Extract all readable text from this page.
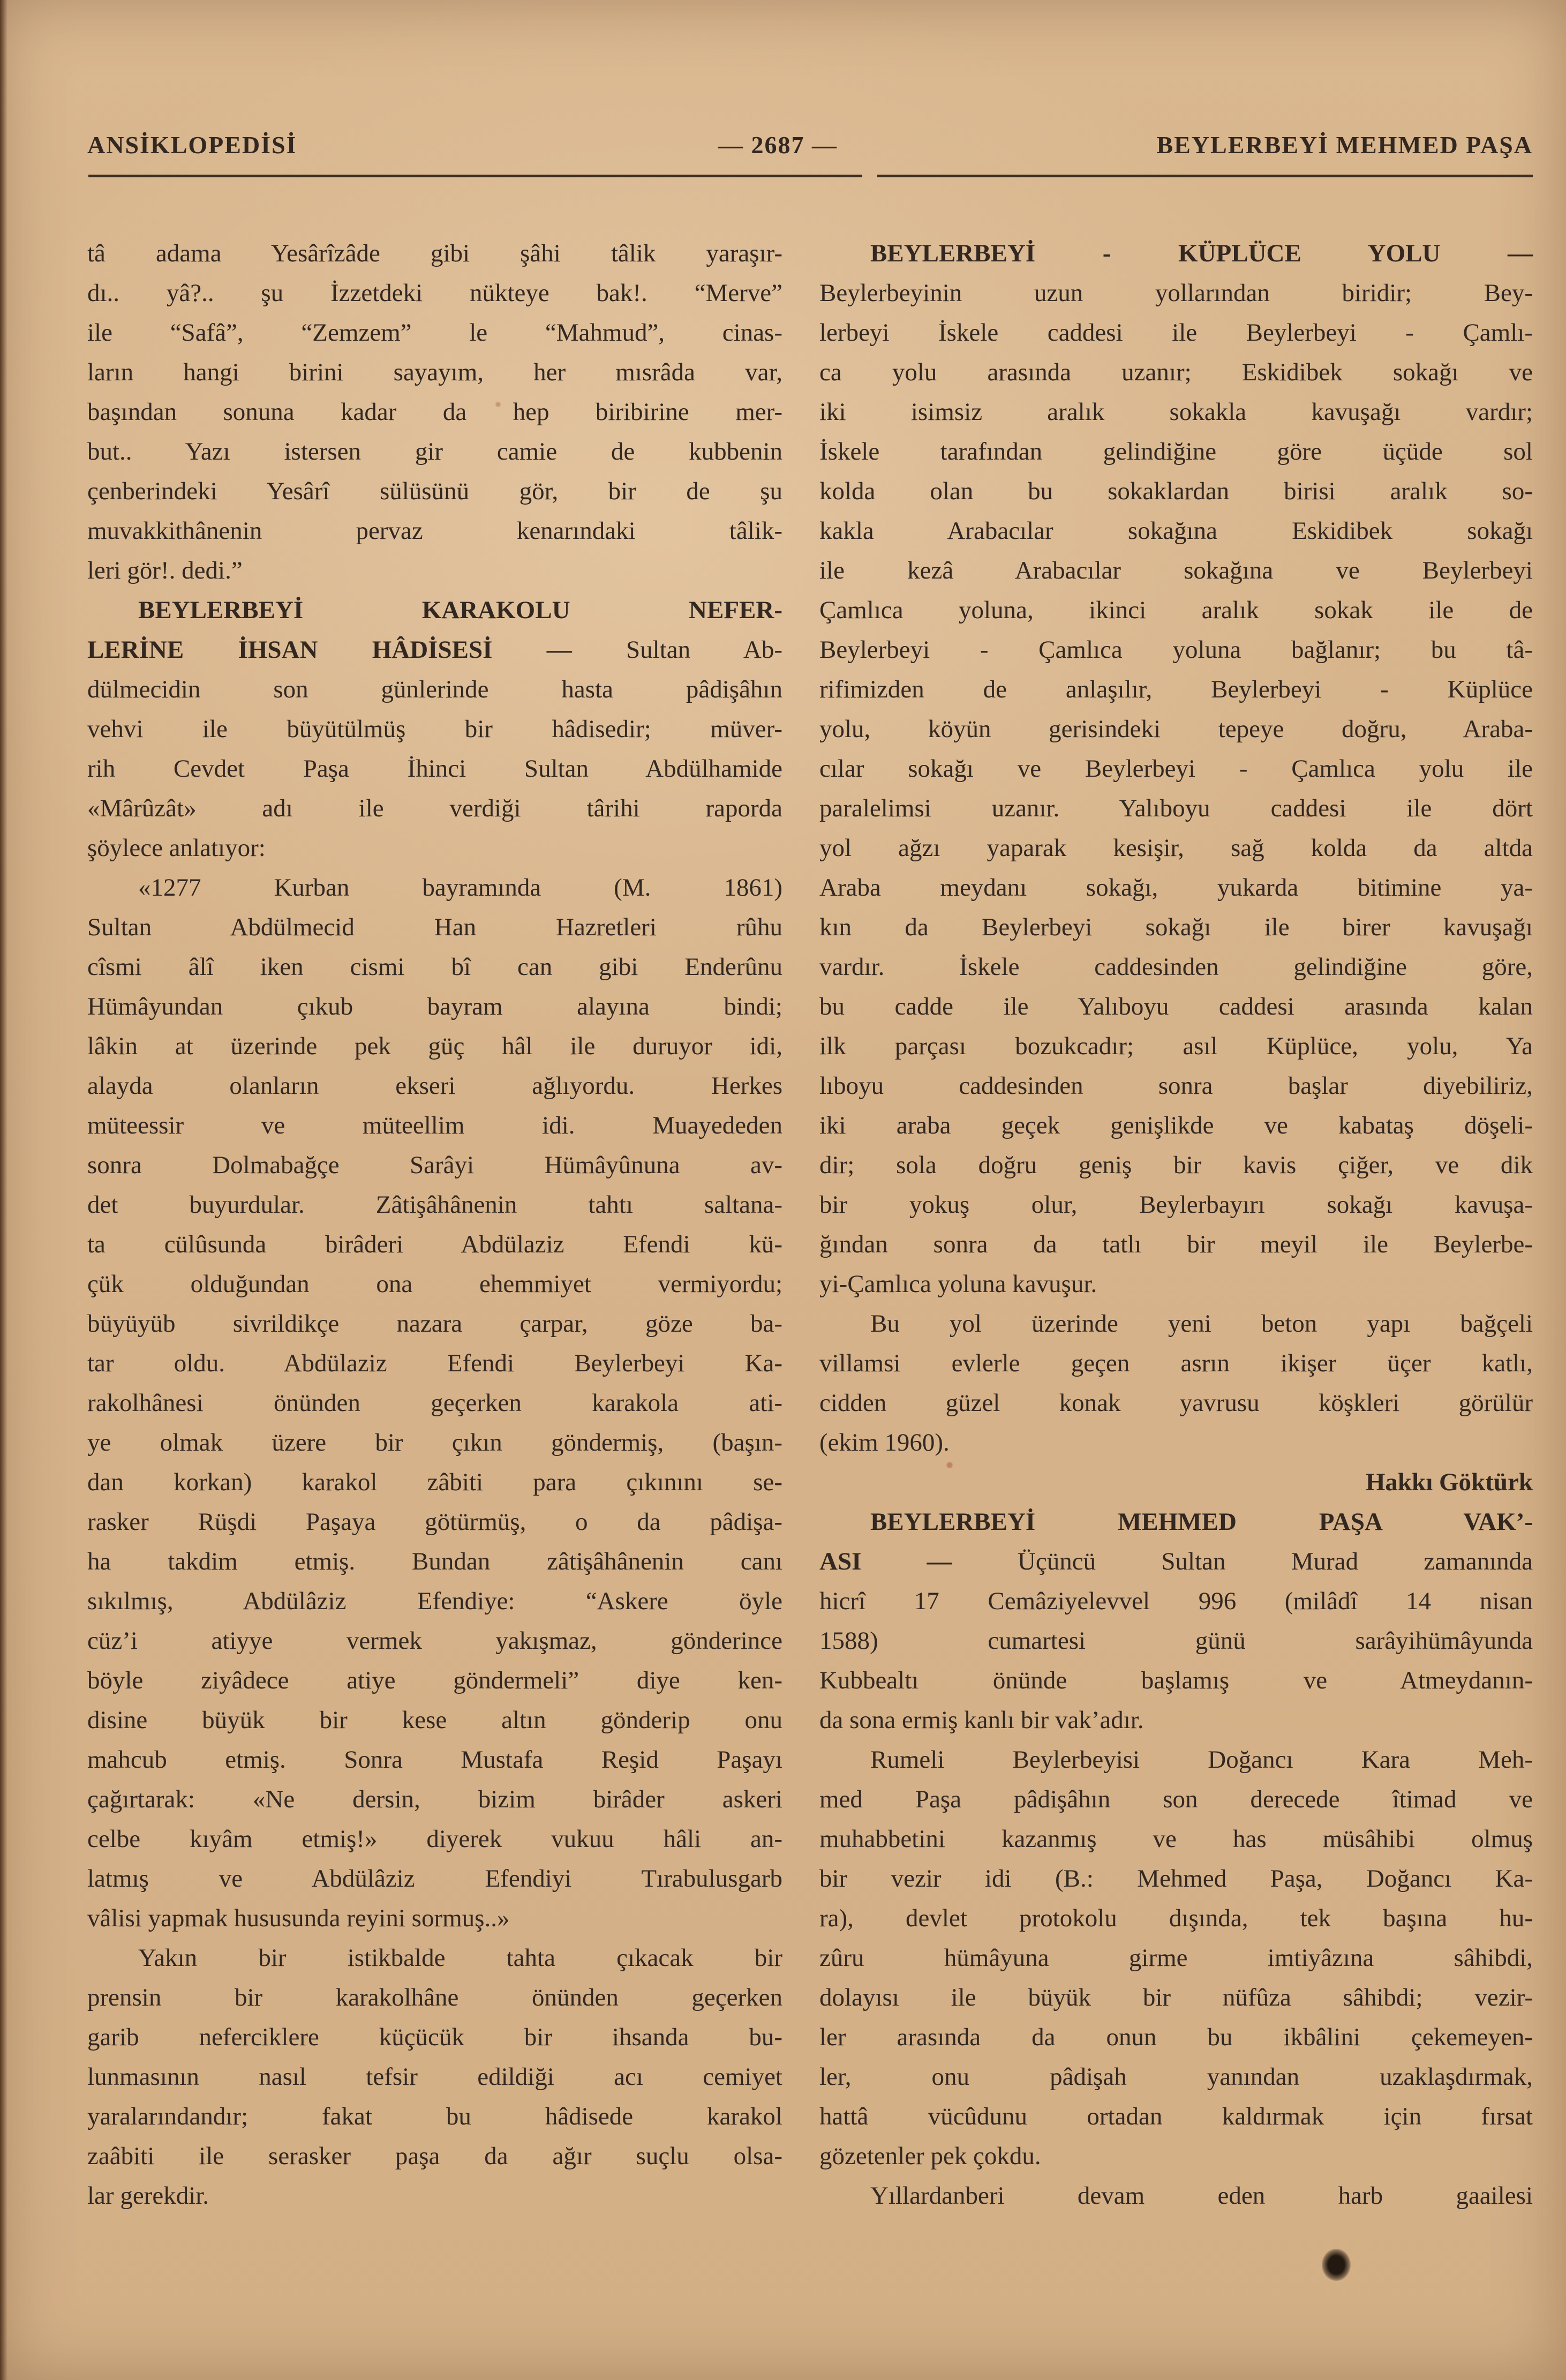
ANSİKLOPEDİSİ	— 2687 —	BEYLERBEYİ MEHMED PAŞA
tâ adama Yesârîzâde gibi şâhi tâlik yaraşır-
dı.. yâ?.. şu İzzetdeki nükteye bak!. “Merve”
ile “Safâ”, “Zemzem” le “Mahmud”, cinas-
ların hangi birini sayayım, her mısrâda var,
başından sonuna kadar da hep biribirine mer-
but.. Yazı istersen gir camie de kubbenin
çenberindeki Yesârî sülüsünü gör, bir de şu
muvakkithânenin pervaz kenarındaki tâlik-
leri gör!. dedi.”
BEYLERBEYİ KARAKOLU NEFER-
LERİNE İHSAN HÂDİSESİ — Sultan Ab-
dülmecidin son günlerinde hasta pâdişâhın
vehvi ile büyütülmüş bir hâdisedir; müver-
rih Cevdet Paşa İhinci Sultan Abdülhamide
«Mârûzât» adı ile verdiği târihi raporda
şöylece anlatıyor:
«1277 Kurban bayramında (M. 1861)
Sultan Abdülmecid Han Hazretleri rûhu
cîsmi âlî iken cismi bî can gibi Enderûnu
Hümâyundan çıkub bayram alayına bindi;
lâkin at üzerinde pek güç hâl ile duruyor idi,
alayda olanların ekseri ağlıyordu. Herkes
müteessir ve müteellim idi. Muayededen
sonra Dolmabağçe Sarâyi Hümâyûnuna av-
det buyurdular. Zâtişâhânenin tahtı saltana-
ta cülûsunda birâderi Abdülaziz Efendi kü-
çük olduğundan ona ehemmiyet vermiyordu;
büyüyüb sivrildikçe nazara çarpar, göze ba-
tar oldu. Abdülaziz Efendi Beylerbeyi Ka-
rakolhânesi önünden geçerken karakola ati-
ye olmak üzere bir çıkın göndermiş, (başın-
dan korkan) karakol zâbiti para çıkınını se-
rasker Rüşdi Paşaya götürmüş, o da pâdişa-
ha takdim etmiş. Bundan zâtişâhânenin canı
sıkılmış, Abdülâziz Efendiye: “Askere öyle
cüz’i atiyye vermek yakışmaz, gönderince
böyle ziyâdece atiye göndermeli” diye ken-
disine büyük bir kese altın gönderip onu
mahcub etmiş. Sonra Mustafa Reşid Paşayı
çağırtarak: «Ne dersin, bizim birâder askeri
celbe kıyâm etmiş!» diyerek vukuu hâli an-
latmış ve Abdülâziz Efendiyi Tırabulusgarb
vâlisi yapmak hususunda reyini sormuş..»
Yakın bir istikbalde tahta çıkacak bir
prensin bir karakolhâne önünden geçerken
garib neferciklere küçücük bir ihsanda bu-
lunmasının nasıl tefsir edildiği acı cemiyet
yaralarındandır; fakat bu hâdisede karakol
zaâbiti ile serasker paşa da ağır suçlu olsa-
lar gerekdir.
BEYLERBEYİ - KÜPLÜCE YOLU —
Beylerbeyinin uzun yollarından biridir; Bey-
lerbeyi İskele caddesi ile Beylerbeyi - Çamlı-
ca yolu arasında uzanır; Eskidibek sokağı ve
iki isimsiz aralık sokakla kavuşağı vardır;
İskele tarafından gelindiğine göre üçüde sol
kolda olan bu sokaklardan birisi aralık so-
kakla Arabacılar sokağına Eskidibek sokağı
ile kezâ Arabacılar sokağına ve Beylerbeyi
Çamlıca yoluna, ikinci aralık sokak ile de
Beylerbeyi - Çamlıca yoluna bağlanır; bu tâ-
rifimizden de anlaşılır, Beylerbeyi - Küplüce
yolu, köyün gerisindeki tepeye doğru, Araba-
cılar sokağı ve Beylerbeyi - Çamlıca yolu ile
paralelimsi uzanır. Yalıboyu caddesi ile dört
yol ağzı yaparak kesişir, sağ kolda da altda
Araba meydanı sokağı, yukarda bitimine ya-
kın da Beylerbeyi sokağı ile birer kavuşağı
vardır. İskele caddesinden gelindiğine göre,
bu cadde ile Yalıboyu caddesi arasında kalan
ilk parçası bozukcadır; asıl Küplüce, yolu, Ya
lıboyu caddesinden sonra başlar diyebiliriz,
iki araba geçek genişlikde ve kabataş döşeli-
dir; sola doğru geniş bir kavis çiğer, ve dik
bir yokuş olur, Beylerbayırı sokağı kavuşa-
ğından sonra da tatlı bir meyil ile Beylerbe-
yi-Çamlıca yoluna kavuşur.
Bu yol üzerinde yeni beton yapı bağçeli
villamsi evlerle geçen asrın ikişer üçer katlı,
cidden güzel konak yavrusu köşkleri görülür
(ekim 1960).
Hakkı Göktürk
BEYLERBEYİ MEHMED PAŞA VAK’-
ASI — Üçüncü Sultan Murad zamanında
hicrî 17 Cemâziyelevvel 996 (milâdî 14 nisan
1588) cumartesi günü sarâyihümâyunda
Kubbealtı önünde başlamış ve Atmeydanın-
da sona ermiş kanlı bir vak’adır.
Rumeli Beylerbeyisi Doğancı Kara Meh-
med Paşa pâdişâhın son derecede îtimad ve
muhabbetini kazanmış ve has müsâhibi olmuş
bir vezir idi (B.: Mehmed Paşa, Doğancı Ka-
ra), devlet protokolu dışında, tek başına hu-
zûru hümâyuna girme imtiyâzına sâhibdi,
dolayısı ile büyük bir nüfûza sâhibdi; vezir-
ler arasında da onun bu ikbâlini çekemeyen-
ler, onu pâdişah yanından uzaklaşdırmak,
hattâ vücûdunu ortadan kaldırmak için fırsat
gözetenler pek çokdu.
Yıllardanberi devam eden harb gaailesi
